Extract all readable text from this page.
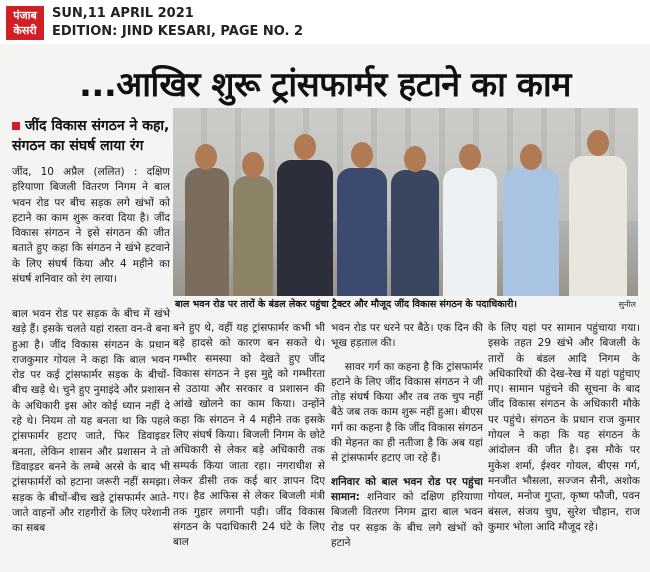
पंजाब
केसरी
SUN,11 APRIL 2021
EDITION: JIND KESARI, PAGE NO. 2
...आखिर शुरू ट्रांसफार्मर हटाने का काम
जींद विकास संगठन ने कहा, संगठन का संघर्ष लाया रंग
बाल भवन रोड पर तारों के बंडल लेकर पहुंचा ट्रैक्टर और मौजूद जींद विकास संगठन के पदाधिकारी।	सुनील

जींद, 10 अप्रैल (ललित) : दक्षिण हरियाणा बिजली वितरण निगम ने बाल भवन रोड पर बीच सड़क लगे खंभों को हटाने का काम शुरू करवा दिया है। जींद विकास संगठन ने इसे संगठन की जीत बताते हुए कहा कि संगठन ने खंभे हटवाने के लिए संघर्ष किया और 4 महीने का संघर्ष शनिवार को रंग लाया।

बाल भवन रोड पर सड़क के बीच में खंभे खड़े हैं। इसके चलते यहां रास्ता वन-वे बना हुआ है। जींद विकास संगठन के प्रधान राजकुमार गोयल ने कहा कि बाल भवन रोड पर कई ट्रांसफार्मर सड़क के बीचों-बीच खड़े थे। चुने हुए नुमाइंदे और प्रशासन के अधिकारी इस ओर कोई ध्यान नहीं दे रहे थे। नियम तो यह बनता था कि पहले ट्रांसफार्मर हटाए जाते, फिर डिवाइडर बनता, लेकिन शासन और प्रशासन ने तो डिवाइडर बनने के लम्बे अरसे के बाद भी ट्रांसफार्मरों को हटाना जरूरी नहीं समझा। सड़क के बीचों-बीच खड़े ट्रांसफार्मर आते-जाते वाहनों और राहगीरों के लिए परेशानी का सबब

बने हुए थे, वहीं यह ट्रांसफार्मर कभी भी बड़े हादसे को कारण बन सकते थे। गम्भीर समस्या को देखते हुए जींद विकास संगठन ने इस मुद्दे को गम्भीरता से उठाया और सरकार व प्रशासन की आंखे खोलने का काम किया। उन्होंने कहा कि संगठन ने 4 महीने तक इसके लिए संघर्ष किया। बिजली निगम के छोटे अधिकारी से लेकर बड़े अधिकारी तक सम्पर्क किया जाता रहा। नगराधीश से लेकर डीसी तक कई बार ज्ञापन दिए गए। हैड आफिस से लेकर बिजली मंत्री तक गुहार लगानी पड़ी। जींद विकास संगठन के पदाधिकारी 24 घंटे के लिए बाल

भवन रोड पर धरने पर बैठे। एक दिन की भूख हड़ताल की।

सावर गर्ग का कहना है कि ट्रांसफार्मर हटाने के लिए जींद विकास संगठन ने जी तोड़ संघर्ष किया और तब तक चुप नहीं बैठे जब तक काम शुरू नहीं हुआ। बीएस गर्ग का कहना है कि जींद विकास संगठन की मेहनत का ही नतीजा है कि अब यहां से ट्रांसफार्मर हटाए जा रहे हैं।

शनिवार को बाल भवन रोड पर पहुंचा सामान: शनिवार को दक्षिण हरियाणा बिजली वितरण निगम द्वारा बाल भवन रोड पर सड़क के बीच लगे खंभों को हटाने

के लिए यहां पर सामान पहुंचाया गया। इसके तहत 29 खंभे और बिजली के तारों के बंडल आदि निगम के अधिकारियों की देख-रेख में यहां पहुंचाए गए। सामान पहुंचने की सूचना के बाद जींद विकास संगठन के अधिकारी मौके पर पहुंचे। संगठन के प्रधान राज कुमार गोयल ने कहा कि यह संगठन के आंदोलन की जीत है। इस मौके पर मुकेश शर्मा, ईश्वर गोयल, बीएस गर्ग, मनजीत भौसला, सज्जन सैनी, अशोक गोयल, मनोज गुप्ता, कृष्ण फौजी, पवन बंसल, संजय चुघ, सुरेश चौहान, राज कुमार भोला आदि मौजूद रहे।
